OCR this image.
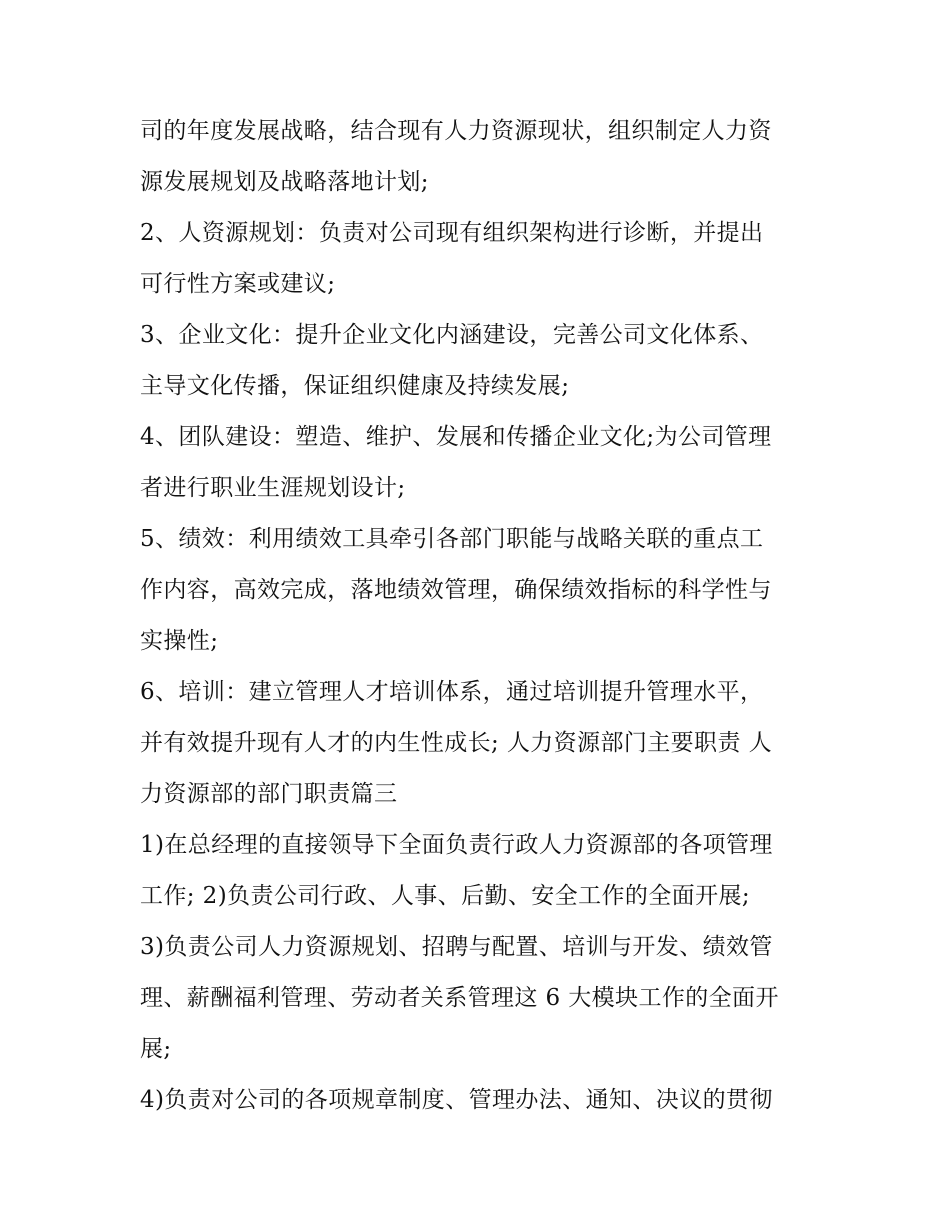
司的年度发展战略，结合现有人力资源现状，组织制定人力资
源发展规划及战略落地计划;
2、人资源规划：负责对公司现有组织架构进行诊断，并提出
可行性方案或建议;
3、企业文化：提升企业文化内涵建设，完善公司文化体系、
主导文化传播，保证组织健康及持续发展;
4、团队建设：塑造、维护、发展和传播企业文化;为公司管理
者进行职业生涯规划设计;
5、绩效：利用绩效工具牵引各部门职能与战略关联的重点工
作内容，高效完成，落地绩效管理，确保绩效指标的科学性与
实操性;
6、培训：建立管理人才培训体系，通过培训提升管理水平，
并有效提升现有人才的内生性成长; 人力资源部门主要职责 人
力资源部的部门职责篇三
1)在总经理的直接领导下全面负责行政人力资源部的各项管理
工作; 2)负责公司行政、人事、后勤、安全工作的全面开展;
3)负责公司人力资源规划、招聘与配置、培训与开发、绩效管
理、薪酬福利管理、劳动者关系管理这 6 大模块工作的全面开
展;
4)负责对公司的各项规章制度、管理办法、通知、决议的贯彻
